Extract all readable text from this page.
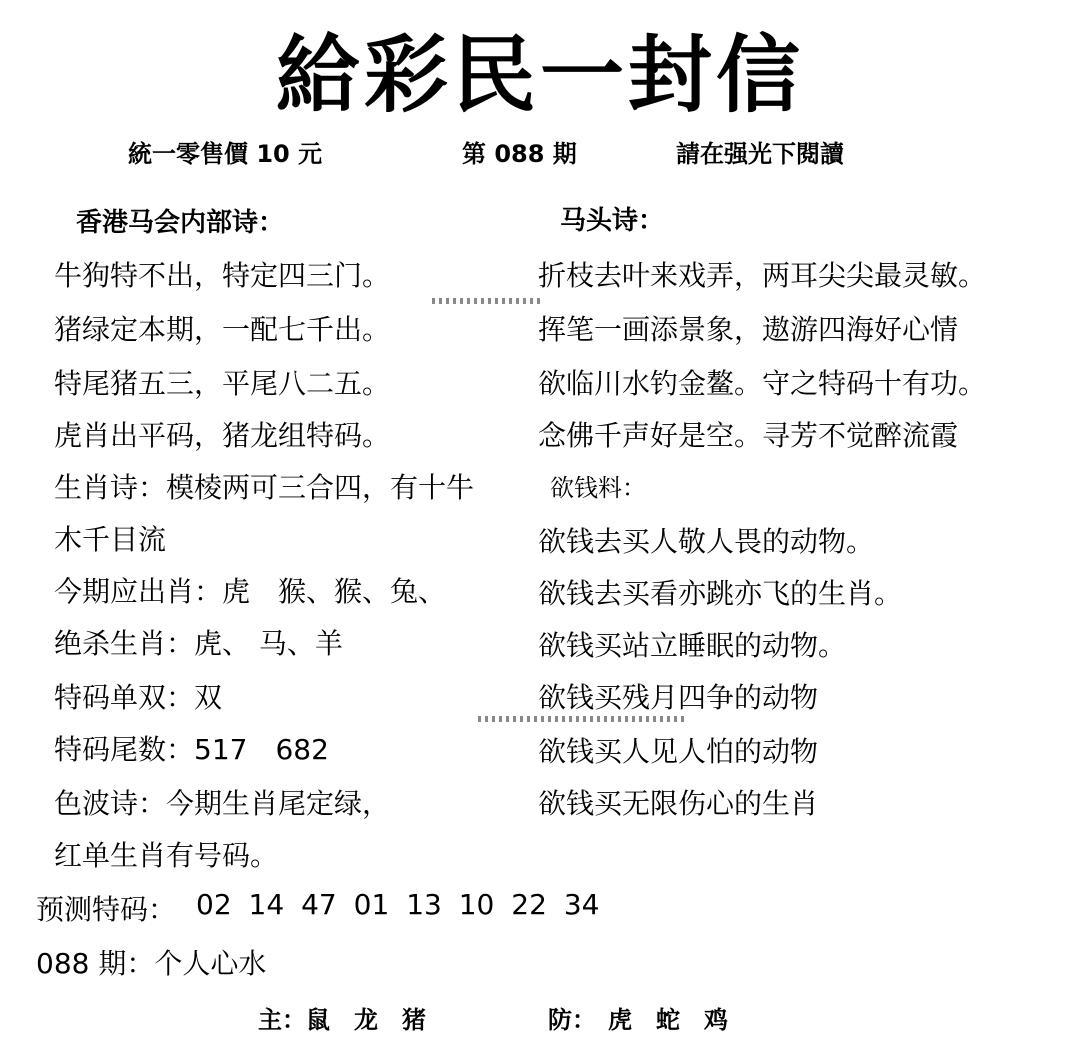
給彩民一封信
統一零售價 10 元	第 088 期	請在强光下閱讀
香港马会内部诗：
牛狗特不出，特定四三门。
猪绿定本期，一配七千出。
特尾猪五三，平尾八二五。
虎肖出平码，猪龙组特码。
生肖诗：模棱两可三合四，有十牛
木千目流
今期应出肖：虎　猴、猴、兔、
绝杀生肖：虎、 马、羊
特码单双：双
特码尾数：517　682
色波诗：今期生肖尾定绿，
红单生肖有号码。
马头诗：
折枝去叶来戏弄，两耳尖尖最灵敏。
挥笔一画添景象，遨游四海好心情
欲临川水钓金鳌。守之特码十有功。
念佛千声好是空。寻芳不觉醉流霞
欲钱料：
欲钱去买人敬人畏的动物。
欲钱去买看亦跳亦飞的生肖。
欲钱买站立睡眠的动物。
欲钱买残月四争的动物
欲钱买人见人怕的动物
欲钱买无限伤心的生肖
预测特码： 02 14 47 01 13 10 22 34
088 期：个人心水
主：鼠　龙　猪	防：　虎　蛇　鸡
